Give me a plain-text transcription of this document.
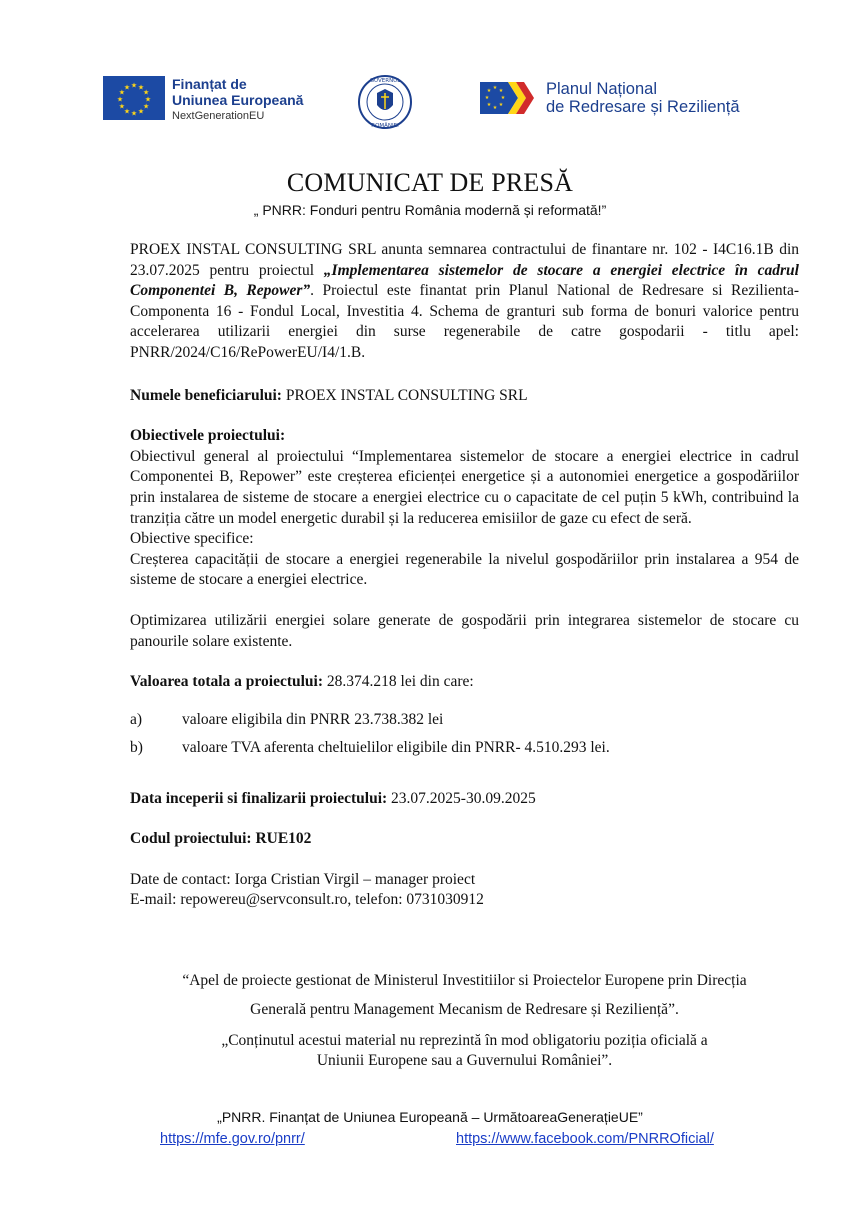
★ ★
★
★
★
★
★
★
★
★
★
★	Finanțat de
Uniunea Europeană
NextGenerationEU
GUVERNUL
ROMÂNIEI
★ ★
★
★
★
★
★
★	Planul Național
de Redresare și Reziliență
COMUNICAT DE PRESĂ
„ PNRR: Fonduri pentru România modernă și reformată!”

PROEX INSTAL CONSULTING SRL anunta semnarea contractului de finantare nr. 102 - I4C16.1B din 23.07.2025 pentru proiectul „Implementarea sistemelor de stocare a energiei electrice în cadrul Componentei B, Repower”. Proiectul este finantat prin Planul National de Redresare si Rezilienta- Componenta 16 - Fondul Local, Investitia 4. Schema de granturi sub forma de bonuri valorice pentru accelerarea utilizarii energiei din surse regenerabile de catre gospodarii - titlu apel: PNRR/2024/C16/RePowerEU/I4/1.B.

Numele beneficiarului: PROEX INSTAL CONSULTING SRL

Obiectivele proiectului:

Obiectivul general al proiectului “Implementarea sistemelor de stocare a energiei electrice in cadrul Componentei B, Repower” este creșterea eficienței energetice și a autonomiei energetice a gospodăriilor prin instalarea de sisteme de stocare a energiei electrice cu o capacitate de cel puțin 5 kWh, contribuind la tranziția către un model energetic durabil și la reducerea emisiilor de gaze cu efect de seră.

Obiective specifice:

Creșterea capacității de stocare a energiei regenerabile la nivelul gospodăriilor prin instalarea a 954 de sisteme de stocare a energiei electrice.

Optimizarea utilizării energiei solare generate de gospodării prin integrarea sistemelor de stocare cu panourile solare existente.

Valoarea totala a proiectului: 28.374.218 lei din care:

a)	valoare eligibila din PNRR 23.738.382 lei
b)	valoare TVA aferenta cheltuielilor eligibile din PNRR- 4.510.293 lei.

Data inceperii si finalizarii proiectului: 23.07.2025-30.09.2025

Codul proiectului: RUE102

Date de contact: Iorga Cristian Virgil – manager proiect
E-mail: repowereu@servconsult.ro, telefon: 0731030912
“Apel de proiecte gestionat de Ministerul Investitiilor si Proiectelor Europene prin Direcția
Generală pentru Management Mecanism de Redresare și Reziliență”.
„Conținutul acestui material nu reprezintă în mod obligatoriu poziția oficială a
Uniunii Europene sau a Guvernului României”.
„PNRR. Finanțat de Uniunea Europeană – UrmătoareaGenerațieUE”
https://mfe.gov.ro/pnrr/	https://www.facebook.com/PNRROficial/
